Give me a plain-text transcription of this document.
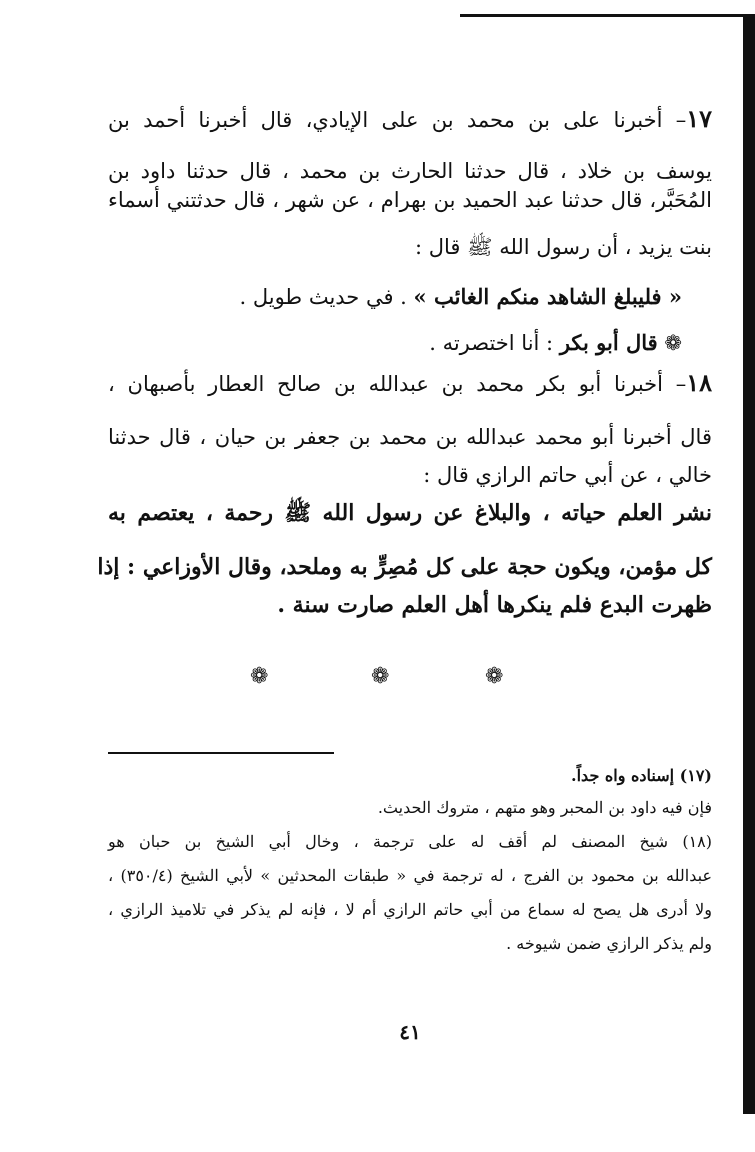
١٧– أخبرنا على بن محمد بن على الإيادي، قال أخبرنا أحمد بن
يوسف بن خلاد ، قال حدثنا الحارث بن محمد ، قال حدثنا داود بن
المُحَبَّر، قال حدثنا عبد الحميد بن بهرام ، عن شهر ، قال حدثتني أسماء
بنت يزيد ، أن رسول الله ﷺ قال :
« فليبلغ الشاهد منكم الغائب » . في حديث طويل .
❁ قال أبو بكر : أنا اختصرته .
١٨– أخبرنا أبو بكر محمد بن عبدالله بن صالح العطار بأصبهان ،
قال أخبرنا أبو محمد عبدالله بن محمد بن جعفر بن حيان ، قال حدثنا
خالي ، عن أبي حاتم الرازي قال :
نشر العلم حياته ، والبلاغ عن رسول الله ﷺ رحمة ، يعتصم به
كل مؤمن، ويكون حجة على كل مُصِرٍّ به وملحد، وقال الأوزاعي : إذا
ظهرت البدع فلم ينكرها أهل العلم صارت سنة .
❁	❁	❁
(١٧) إسناده واه جداً.
فإن فيه داود بن المحبر وهو متهم ، متروك الحديث.
(١٨) شيخ المصنف لم أقف له على ترجمة ، وخال أبي الشيخ بن حبان هو
عبدالله بن محمود بن الفرج ، له ترجمة في « طبقات المحدثين » لأبي الشيخ (٣٥٠/٤) ،
ولا أدرى هل يصح له سماع من أبي حاتم الرازي أم لا ، فإنه لم يذكر في تلاميذ الرازي ،
ولم يذكر الرازي ضمن شيوخه .
٤١
